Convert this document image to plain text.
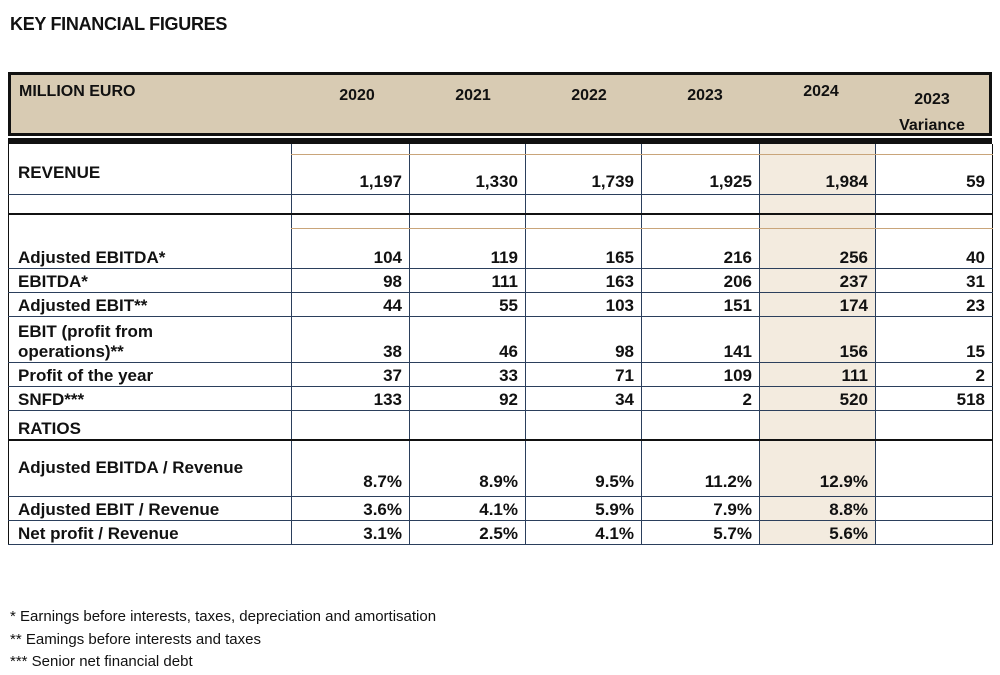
KEY FINANCIAL FIGURES
MILLION EURO	2020	2021	2022	2023	2024	2023
Variance

REVENUE	1,197	1,330	1,739	1,925	1,984	59

Adjusted EBITDA*	104	119	165	216	256	40
EBITDA*	98	111	163	206	237	31
Adjusted EBIT**	44	55	103	151	174	23
EBIT (profit from
operations)**	38	46	98	141	156	15
Profit of the year	37	33	71	109	111	2
SNFD***	133	92	34	2	520	518
RATIOS						

Adjusted EBITDA / Revenue	8.7%	8.9%	9.5%	11.2%	12.9%	
Adjusted EBIT / Revenue	3.6%	4.1%	5.9%	7.9%	8.8%	
Net profit / Revenue	3.1%	2.5%	4.1%	5.7%	5.6%	
* Earnings before interests, taxes, depreciation and amortisation
** Eamings before interests and taxes
*** Senior net financial debt
